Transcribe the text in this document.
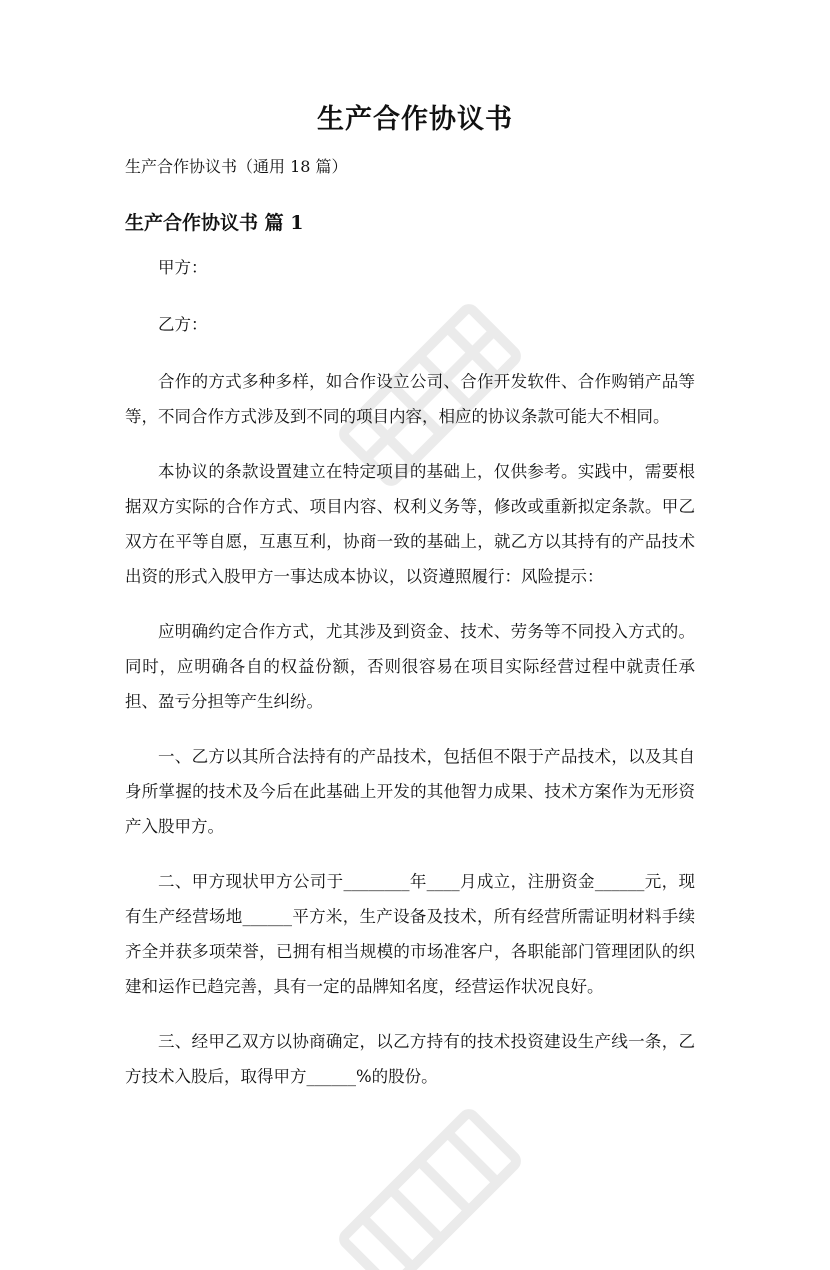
生产合作协议书
生产合作协议书（通用 18 篇）
生产合作协议书 篇 1

甲方：

乙方：

合作的方式多种多样，如合作设立公司、合作开发软件、合作购销产品等等，不同合作方式涉及到不同的项目内容，相应的协议条款可能大不相同。

本协议的条款设置建立在特定项目的基础上，仅供参考。实践中，需要根据双方实际的合作方式、项目内容、权利义务等，修改或重新拟定条款。甲乙双方在平等自愿，互惠互利，协商一致的基础上，就乙方以其持有的产品技术出资的形式入股甲方一事达成本协议，以资遵照履行：风险提示：

应明确约定合作方式，尤其涉及到资金、技术、劳务等不同投入方式的。同时，应明确各自的权益份额，否则很容易在项目实际经营过程中就责任承担、盈亏分担等产生纠纷。

一、乙方以其所合法持有的产品技术，包括但不限于产品技术，以及其自身所掌握的技术及今后在此基础上开发的其他智力成果、技术方案作为无形资产入股甲方。

二、甲方现状甲方公司于________年____月成立，注册资金______元，现有生产经营场地______平方米，生产设备及技术，所有经营所需证明材料手续齐全并获多项荣誉，已拥有相当规模的市场准客户，各职能部门管理团队的织建和运作已趋完善，具有一定的品牌知名度，经营运作状况良好。

三、经甲乙双方以协商确定，以乙方持有的技术投资建设生产线一条，乙方技术入股后，取得甲方______%的股份。
